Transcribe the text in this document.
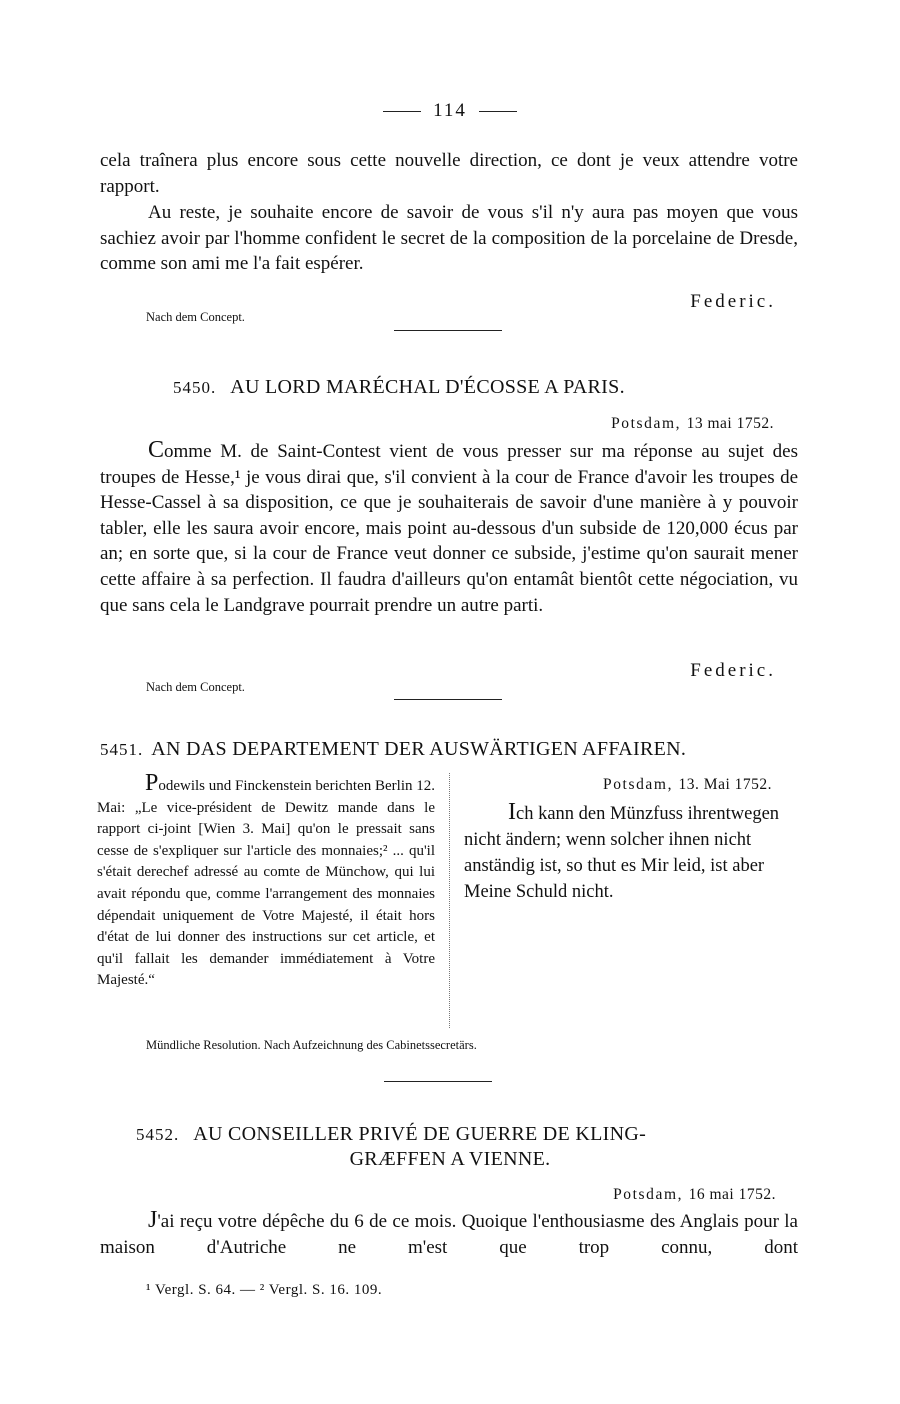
114
cela traînera plus encore sous cette nouvelle direction, ce dont je veux attendre votre rapport.
Au reste, je souhaite encore de savoir de vous s'il n'y aura pas moyen que vous sachiez avoir par l'homme confident le secret de la composition de la porcelaine de Dresde, comme son ami me l'a fait espérer.
Federic.
Nach dem Concept.
5450. AU LORD MARÉCHAL D'ÉCOSSE A PARIS.
Potsdam, 13 mai 1752.
Comme M. de Saint-Contest vient de vous presser sur ma réponse au sujet des troupes de Hesse,¹ je vous dirai que, s'il convient à la cour de France d'avoir les troupes de Hesse-Cassel à sa disposition, ce que je souhaiterais de savoir d'une manière à y pouvoir tabler, elle les saura avoir encore, mais point au-dessous d'un subside de 120,000 écus par an; en sorte que, si la cour de France veut donner ce subside, j'estime qu'on saurait mener cette affaire à sa perfection. Il faudra d'ailleurs qu'on entamât bientôt cette négociation, vu que sans cela le Landgrave pourrait prendre un autre parti.
Federic.
Nach dem Concept.
5451. AN DAS DEPARTEMENT DER AUSWÄRTIGEN AFFAIREN.
Podewils und Finckenstein berichten Berlin 12. Mai: „Le vice-président de Dewitz mande dans le rapport ci-joint [Wien 3. Mai] qu'on le pressait sans cesse de s'expliquer sur l'article des monnaies;² ... qu'il s'était derechef adressé au comte de Münchow, qui lui avait répondu que, comme l'arrangement des monnaies dépendait uniquement de Votre Majesté, il était hors d'état de lui donner des instructions sur cet article, et qu'il fallait les demander immédiatement à Votre Majesté.“
Potsdam, 13. Mai 1752.
Ich kann den Münzfuss ihrentwegen nicht ändern; wenn solcher ihnen nicht anständig ist, so thut es Mir leid, ist aber Meine Schuld nicht.
Mündliche Resolution. Nach Aufzeichnung des Cabinetssecretärs.
5452. AU CONSEILLER PRIVÉ DE GUERRE DE KLING-
GRÆFFEN A VIENNE.
Potsdam, 16 mai 1752.
J'ai reçu votre dépêche du 6 de ce mois. Quoique l'enthousiasme des Anglais pour la maison d'Autriche ne m'est que trop connu, dont
¹ Vergl. S. 64. — ² Vergl. S. 16. 109.
